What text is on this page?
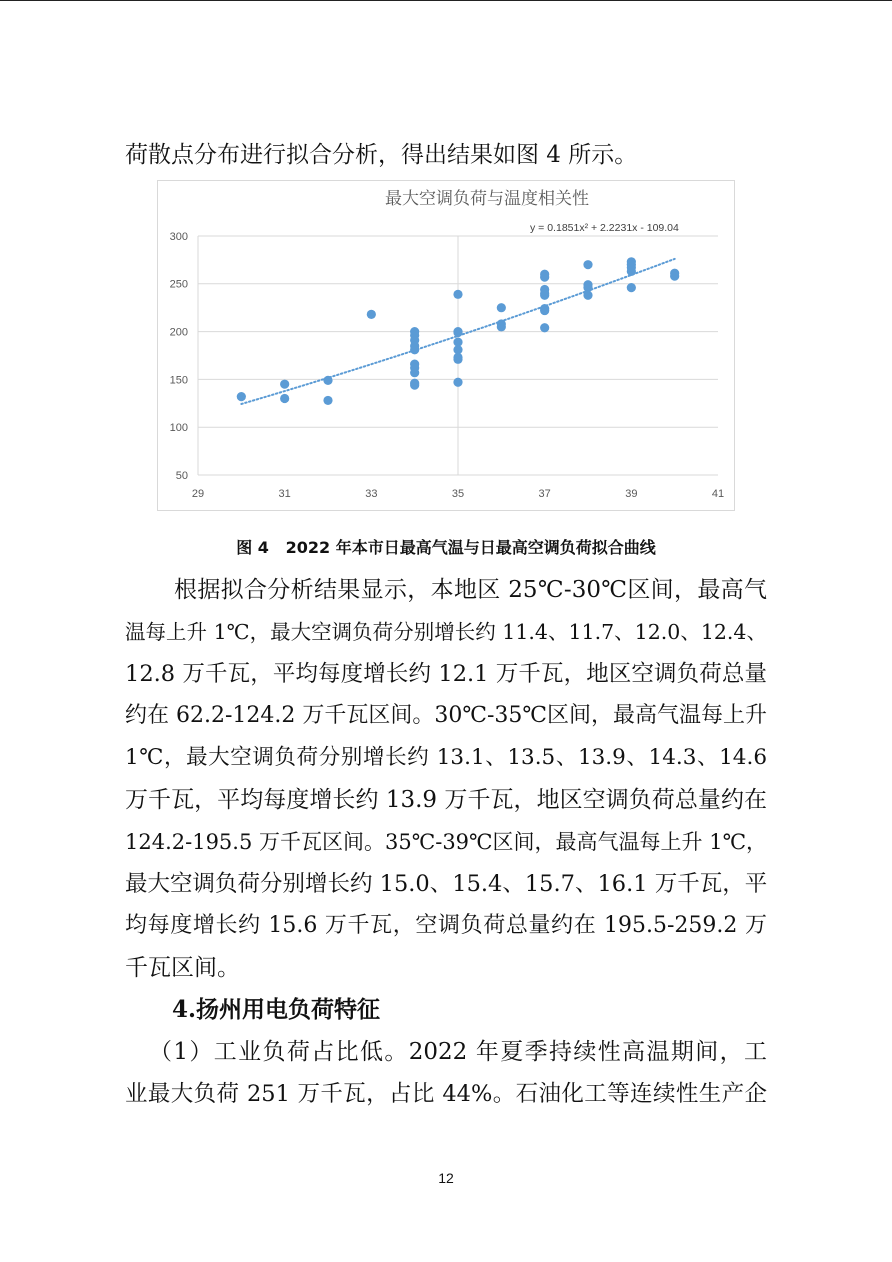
荷散点分布进行拟合分析，得出结果如图 4 所示。
50
100
150
200
250
300
29	31	33	35	37	39	41
最大空调负荷与温度相关性
y = 0.1851x² + 2.2231x - 109.04
图 4   2022 年本市日最高气温与日最高空调负荷拟合曲线
根据拟合分析结果显示，本地区 25℃-30℃区间，最高气
温每上升 1℃，最大空调负荷分别增长约 11.4、11.7、12.0、12.4、
12.8 万千瓦，平均每度增长约 12.1 万千瓦，地区空调负荷总量
约在 62.2-124.2 万千瓦区间。30℃-35℃区间，最高气温每上升
1℃，最大空调负荷分别增长约 13.1、13.5、13.9、14.3、14.6
万千瓦，平均每度增长约 13.9 万千瓦，地区空调负荷总量约在
124.2-195.5 万千瓦区间。35℃-39℃区间，最高气温每上升 1℃，
最大空调负荷分别增长约 15.0、15.4、15.7、16.1 万千瓦，平
均每度增长约 15.6 万千瓦，空调负荷总量约在 195.5-259.2 万
千瓦区间。
4.扬州用电负荷特征
（1）工业负荷占比低。2022 年夏季持续性高温期间，工
业最大负荷 251 万千瓦，占比 44%。石油化工等连续性生产企
12
